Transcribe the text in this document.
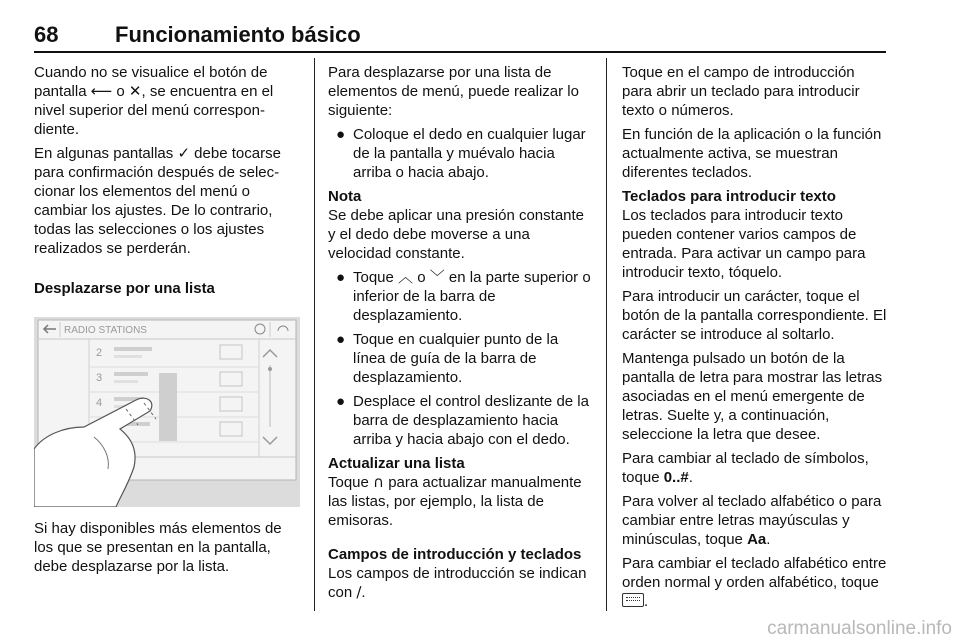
68	Funcionamiento básico

Cuando no se visualice el botón de pantalla ⟵ o ✕, se encuentra en el nivel superior del menú correspondiente.

En algunas pantallas ✓ debe tocarse para confirmación después de seleccionar los elementos del menú o cambiar los ajustes. De lo contrario, todas las selecciones o los ajustes realizados se perderán.

Desplazarse por una lista

RADIO STATIONS
2
3
4

Si hay disponibles más elementos de los que se presentan en la pantalla, debe desplazarse por la lista.

Para desplazarse por una lista de elementos de menú, puede realizar lo siguiente:

● Coloque el dedo en cualquier lugar de la pantalla y muévalo hacia arriba o hacia abajo.

Nota

Se debe aplicar una presión constante y el dedo debe moverse a una velocidad constante.

● Toque ︿ o ﹀ en la parte superior o inferior de la barra de desplazamiento.
● Toque en cualquier punto de la línea de guía de la barra de desplazamiento.
● Desplace el control deslizante de la barra de desplazamiento hacia arriba y hacia abajo con el dedo.

Actualizar una lista

Toque ∩ para actualizar manualmente las listas, por ejemplo, la lista de emisoras.

Campos de introducción y teclados

Los campos de introducción se indican con ∕.

Toque en el campo de introducción para abrir un teclado para introducir texto o números.

En función de la aplicación o la función actualmente activa, se muestran diferentes teclados.

Teclados para introducir texto

Los teclados para introducir texto pueden contener varios campos de entrada. Para activar un campo para introducir texto, tóquelo.

Para introducir un carácter, toque el botón de la pantalla correspondiente. El carácter se introduce al soltarlo.

Mantenga pulsado un botón de la pantalla de letra para mostrar las letras asociadas en el menú emergente de letras. Suelte y, a continuación, seleccione la letra que desee.

Para cambiar al teclado de símbolos, toque 0..#.

Para volver al teclado alfabético o para cambiar entre letras mayúsculas y minúsculas, toque Aa.

Para cambiar el teclado alfabético entre orden normal y orden alfabético, toque .

carmanualsonline.info
